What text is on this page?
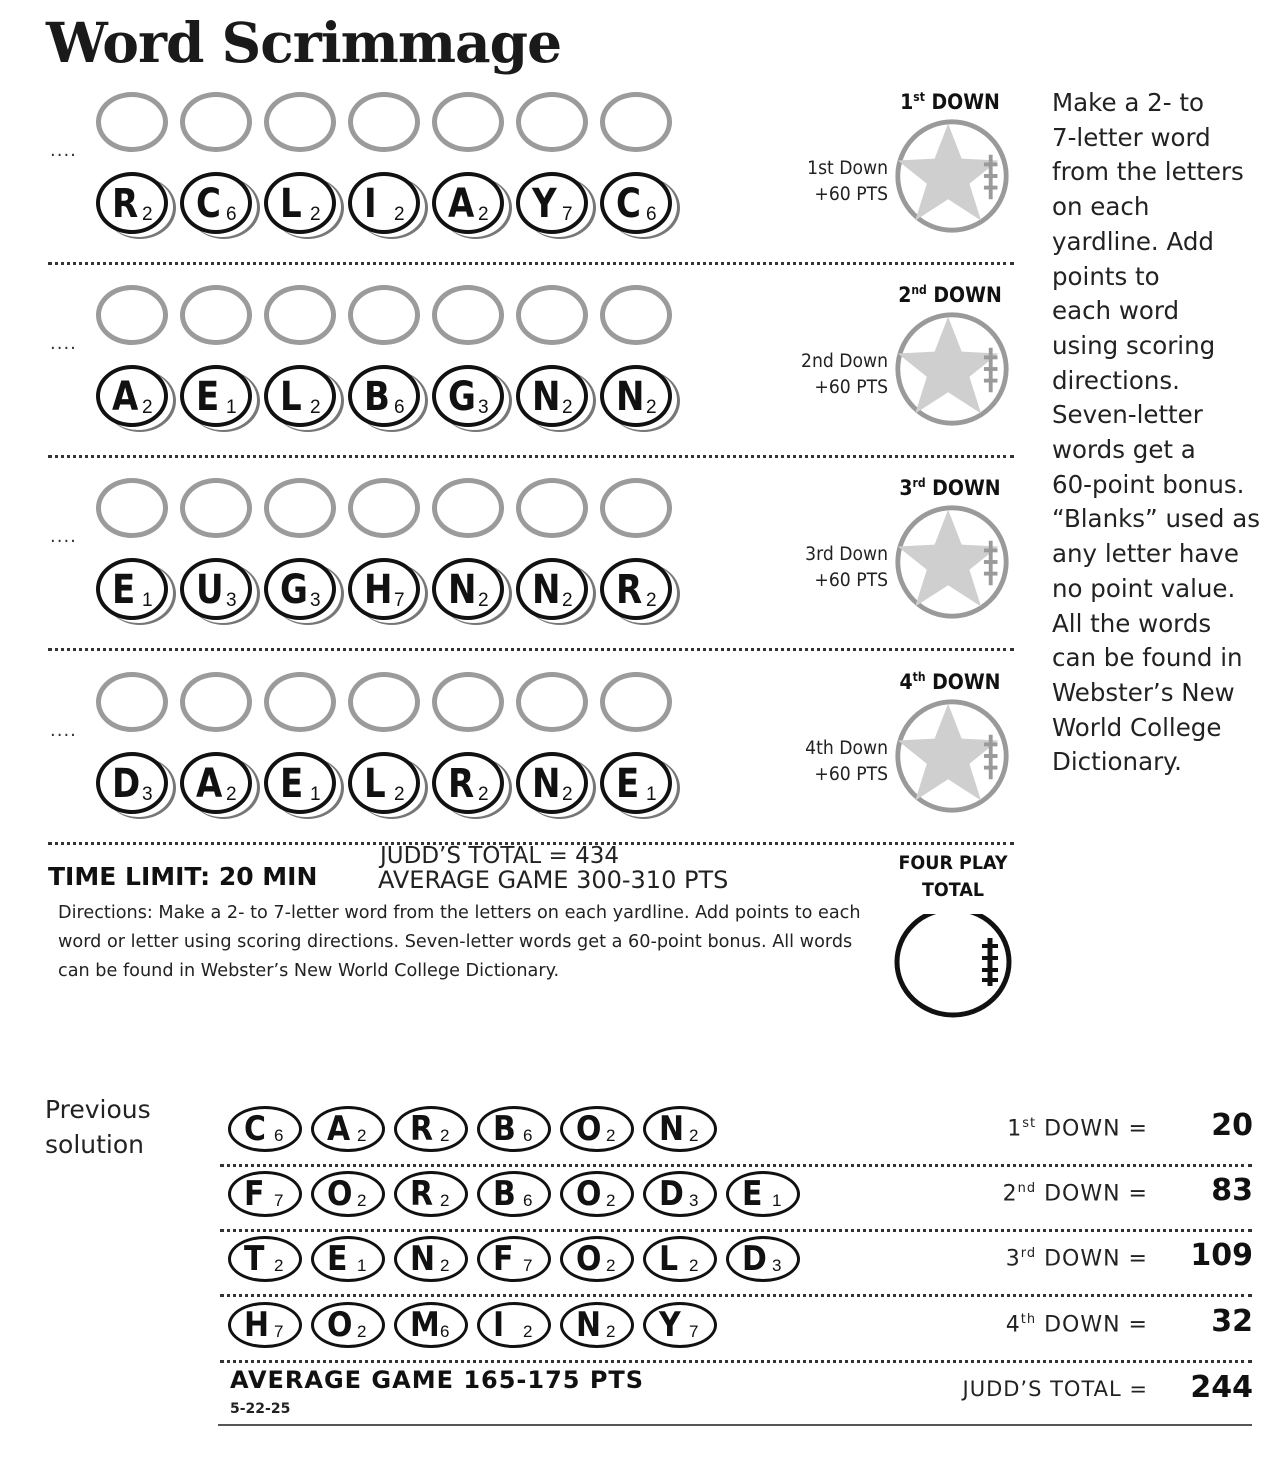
Word Scrimmage
Make a 2- to
7-letter word
from the letters
on each
yardline. Add
points to
each word
using scoring
directions.
Seven-letter
words get a
60-point bonus.
“Blanks” used as
any letter have
no point value.
All the words
can be found in
Webster’s New
World College
Dictionary.
....
R 2 C 6 L 2 I 2 A 2 Y 7 C 6
1st DOWN
1st Down
+60 PTS
....
A 2 E 1 L 2 B 6 G 3 N 2 N 2
2nd DOWN
2nd Down
+60 PTS
....
E 1 U 3 G 3 H 7 N 2 N 2 R 2
3rd DOWN
3rd Down
+60 PTS
....
D 3 A 2 E 1 L 2 R 2 N 2 E 1
4th DOWN
4th Down
+60 PTS
TIME LIMIT: 20 MIN
JUDD’S TOTAL = 434
AVERAGE GAME 300-310 PTS
Directions: Make a 2- to 7-letter word from the letters on each yardline. Add points to each word or letter using scoring directions. Seven-letter words get a 60-point bonus. All words can be found in Webster’s New World College Dictionary.
FOUR PLAY
TOTAL
Previous
solution	C 6 A 2 R 2 B 6 O 2 N 2	1st DOWN =	20
F 7 O 2 R 2 B 6 O 2 D 3 E 1	2nd DOWN =	83
T 2 E 1 N 2 F 7 O 2 L 2 D 3	3rd DOWN =	109
H 7 O 2 M 6 I 2 N 2 Y 7	4th DOWN =	32
AVERAGE GAME 165-175 PTS
5-22-25
JUDD’S TOTAL =	244
